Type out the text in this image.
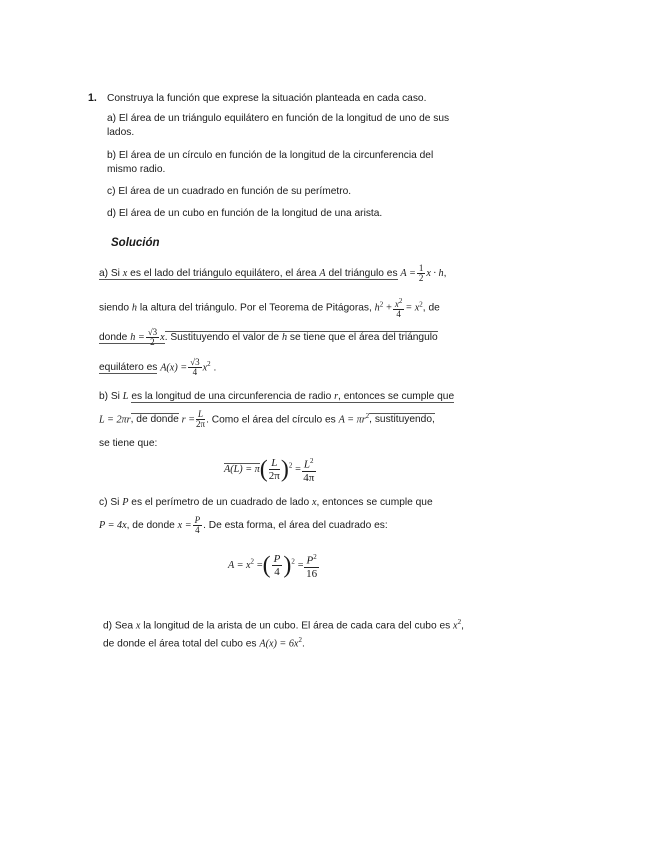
1. Construya la función que exprese la situación planteada en cada caso.
a) El área de un triángulo equilátero en función de la longitud de uno de sus
lados.
b) El área de un círculo en función de la longitud de la circunferencia del
mismo radio.
c) El área de un cuadrado en función de su perímetro.
d) El área de un cubo en función de la longitud de una arista.
Solución
a) Si x es el lado del triángulo equilátero, el área A del triángulo es $A = \frac{1}{2}$ x · h,
siendo h la altura del triángulo. Por el Teorema de Pitágoras, $h^2 + \frac{x^2}{4} = x^2$, de
donde $h = \frac{√3}{2} x$. Sustituyendo el valor de h se tiene que el área del triángulo
equilátero es $A(x) = \frac{√3}{4} x^2$ .
b) Si L es la longitud de una circunferencia de radio r, entonces se cumple que
L = 2πr, de donde $r = \frac{L}{2\pi}$ . Como el área del círculo es $A = \pi r^2$, sustituyendo,
se tiene que:
$A(L) = \pi( \frac{L}{2\pi} )^2 = \frac{L^2}{4\pi}$
c) Si P es el perímetro de un cuadrado de lado x, entonces se cumple que
P = 4x, de donde $x = \frac{P}{4}$ . De esta forma, el área del cuadrado es:
$A = x^2$ =( $\frac{P}{4} )^2 = \frac{P^2}{16}$
d) Sea x la longitud de la arista de un cubo. El área de cada cara del cubo es $x^2$,
de donde el área total del cubo es $A(x) = 6x^2$.
